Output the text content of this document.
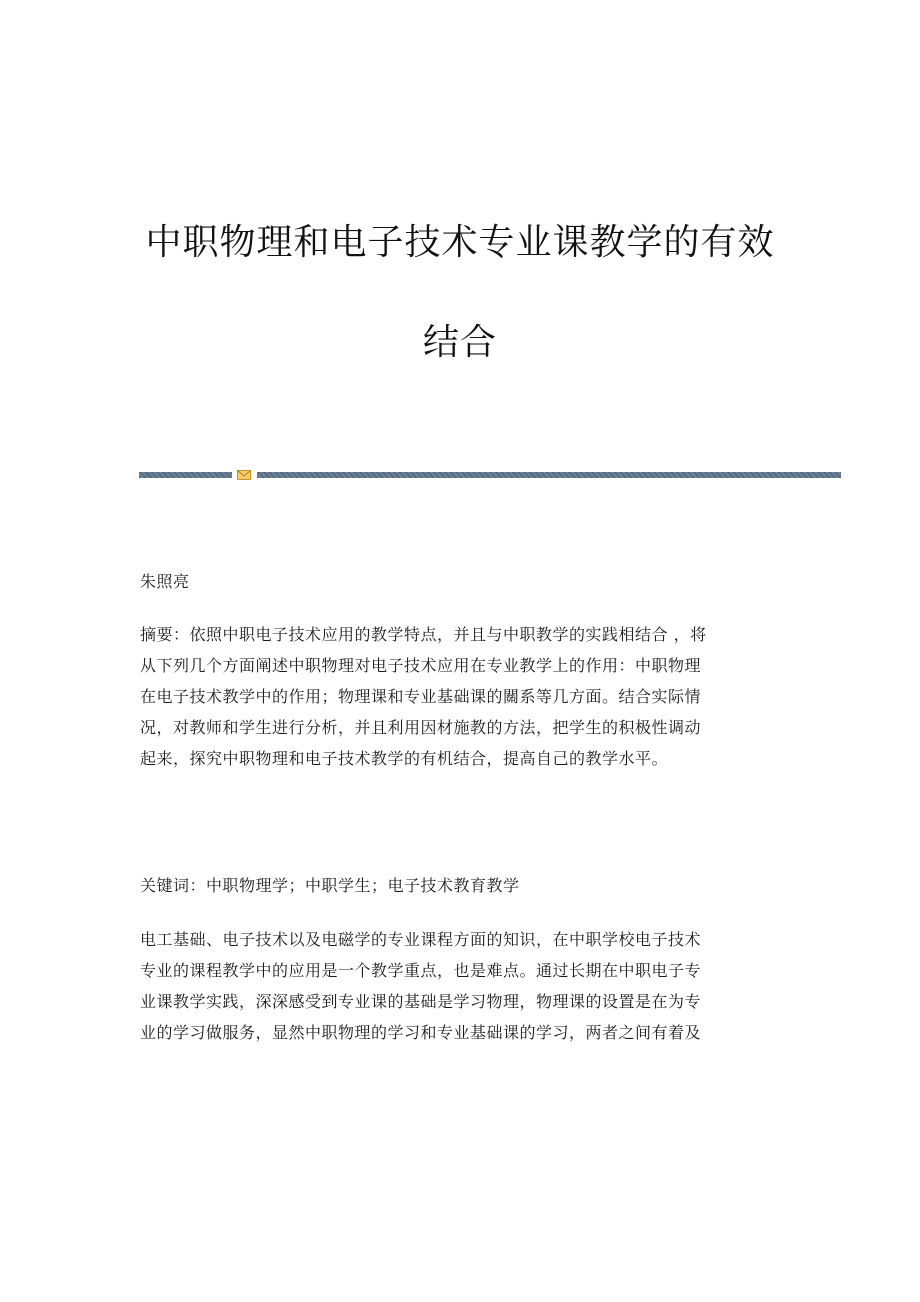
中职物理和电子技术专业课教学的有效
结合
朱照亮

摘要：依照中职电子技术应用的教学特点，并且与中职教学的实践相结合 ，将

从下列几个方面阐述中职物理对电子技术应用在专业教学上的作用：中职物理

在电子技术教学中的作用；物理课和专业基础课的關系等几方面。结合实际情

况，对教师和学生进行分析，并且利用因材施教的方法，把学生的积极性调动

起来，探究中职物理和电子技术教学的有机结合，提高自己的教学水平。

关键词：中职物理学；中职学生；电子技术教育教学

电工基础、电子技术以及电磁学的专业课程方面的知识，在中职学校电子技术

专业的课程教学中的应用是一个教学重点，也是难点。通过长期在中职电子专

业课教学实践，深深感受到专业课的基础是学习物理，物理课的设置是在为专

业的学习做服务，显然中职物理的学习和专业基础课的学习，两者之间有着及
